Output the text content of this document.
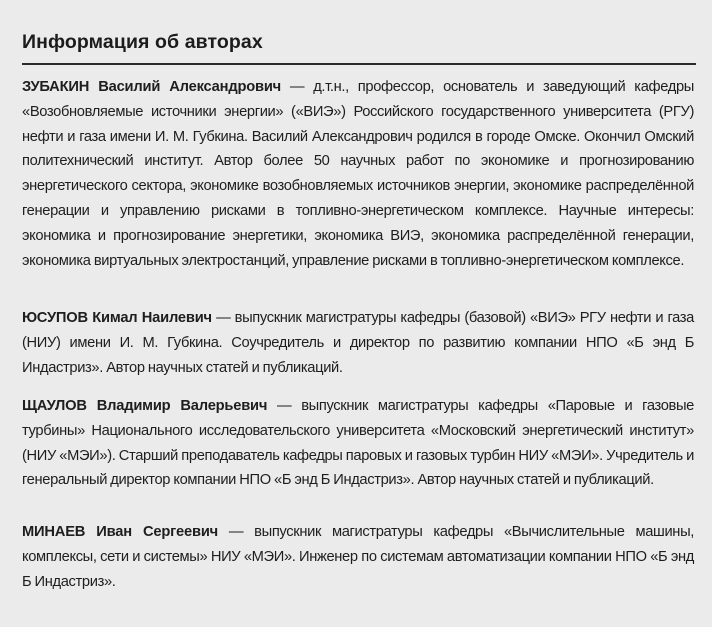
Информация об авторах

ЗУБАКИН Василий Александрович — д.т.н., профессор, основатель и заведующий кафедры «Возобновляемые источники энергии» («ВИЭ») Российского государственного университета (РГУ) нефти и газа имени И. М. Губкина. Василий Александрович родился в городе Омске. Окончил Омский политехнический институт. Автор более 50 научных работ по экономике и прогнозированию энергетического сектора, экономике возобновляемых источников энергии, экономике распределённой генерации и управлению рисками в топливно-энергетическом комплексе. Научные интересы: экономика и прогнозирование энергетики, экономика ВИЭ, экономика распределённой генерации, экономика виртуальных электростанций, управление рисками в топливно-энергетическом комплексе.

ЮСУПОВ Кимал Наилевич — выпускник магистратуры кафедры (базовой) «ВИЭ» РГУ нефти и газа (НИУ) имени И. М. Губкина. Соучредитель и директор по развитию компании НПО «Б энд Б Индастриз». Автор научных статей и публикаций.

ЩАУЛОВ Владимир Валерьевич — выпускник магистратуры кафедры «Паровые и газовые турбины» Национального исследовательского университета «Московский энергетический институт» (НИУ «МЭИ»). Старший преподаватель кафедры паровых и газовых турбин НИУ «МЭИ». Учредитель и генеральный директор компании НПО «Б энд Б Индастриз». Автор научных статей и публикаций.

МИНАЕВ Иван Сергеевич — выпускник магистратуры кафедры «Вычислительные машины, комплексы, сети и системы» НИУ «МЭИ». Инженер по системам автоматизации компании НПО «Б энд Б Индастриз».
